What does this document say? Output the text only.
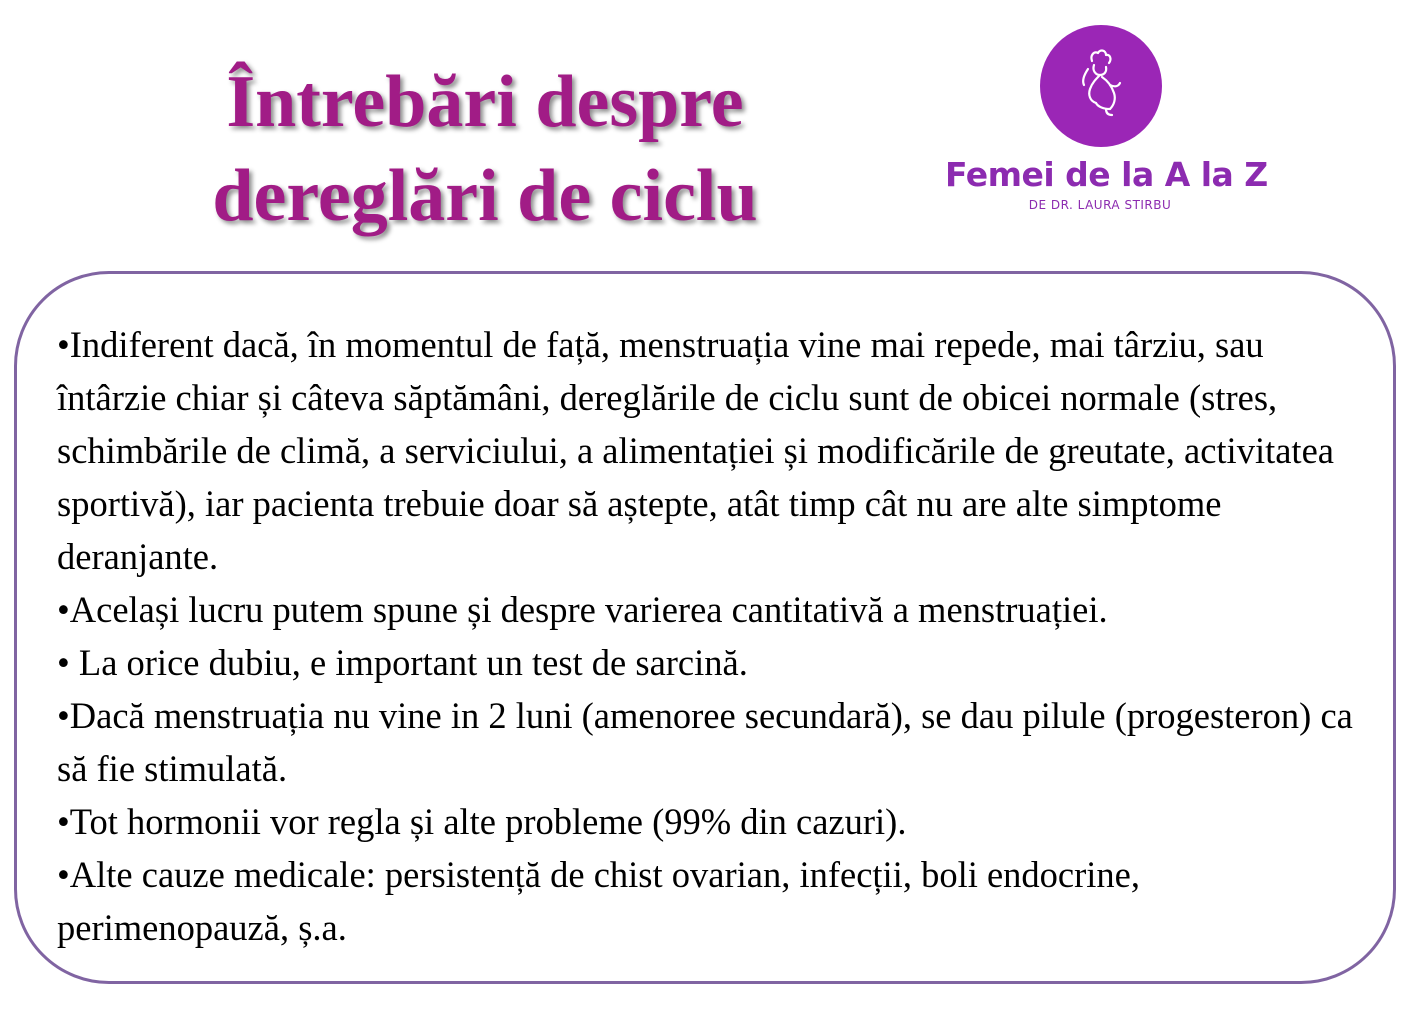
Întrebări despre
dereglări de ciclu	Femei de la A la Z
DE DR. LAURA STIRBU

•Indiferent dacă, în momentul de față, menstruația vine mai repede, mai târziu, sau întârzie chiar și câteva săptămâni, dereglările de ciclu sunt de obicei normale (stres, schimbările de climă, a serviciului, a alimentației și modificările de greutate, activitatea sportivă), iar pacienta trebuie doar să aștepte, atât timp cât nu are alte simptome deranjante.

•Același lucru putem spune și despre varierea cantitativă a menstruației.

• La orice dubiu, e important un test de sarcină.

•Dacă menstruația nu vine in 2 luni (amenoree secundară), se dau pilule (progesteron) ca să fie stimulată.

•Tot hormonii vor regla și alte probleme (99% din cazuri).

•Alte cauze medicale: persistență de chist ovarian, infecții, boli endocrine, perimenopauză, ș.a.
